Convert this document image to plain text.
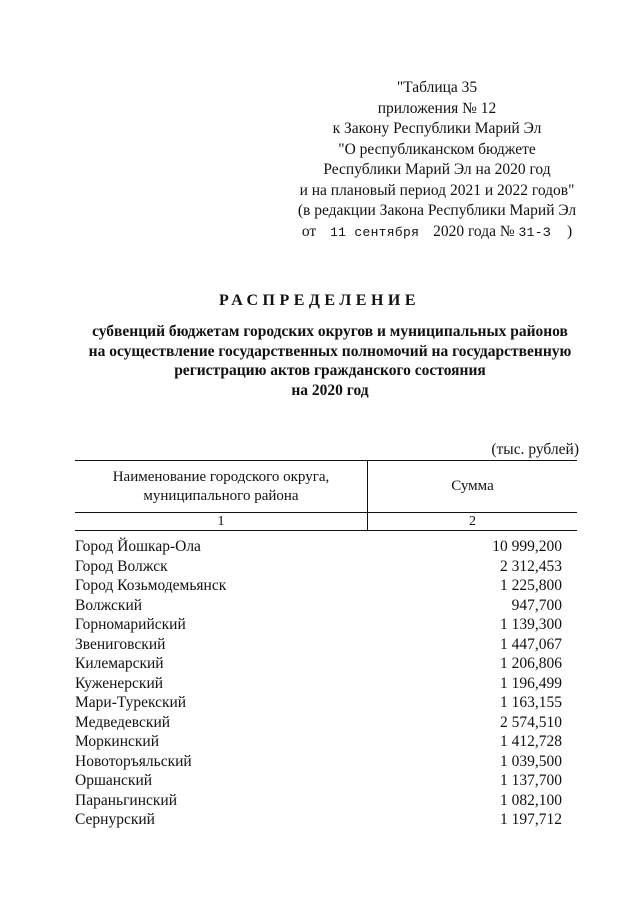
"Таблица 35
приложения № 12
к Закону Республики Марий Эл
"О республиканском бюджете
Республики Марий Эл на 2020 год
и на плановый период 2021 и 2022 годов"
(в редакции Закона Республики Марий Эл
от 11 сентября 2020 года № 31-З )
РАСПРЕДЕЛЕНИЕ
субвенций бюджетам городских округов и муниципальных районов
на осуществление государственных полномочий на государственную
регистрацию актов гражданского состояния
на 2020 год
(тыс. рублей)
Наименование городского округа,
муниципального района
Сумма
1	2
Город Йошкар-Ола	10 999,200
Город Волжск	2 312,453
Город Козьмодемьянск	1 225,800
Волжский	947,700
Горномарийский	1 139,300
Звениговский	1 447,067
Килемарский	1 206,806
Куженерский	1 196,499
Мари-Турекский	1 163,155
Медведевский	2 574,510
Моркинский	1 412,728
Новоторъяльский	1 039,500
Оршанский	1 137,700
Параньгинский	1 082,100
Сернурский	1 197,712
